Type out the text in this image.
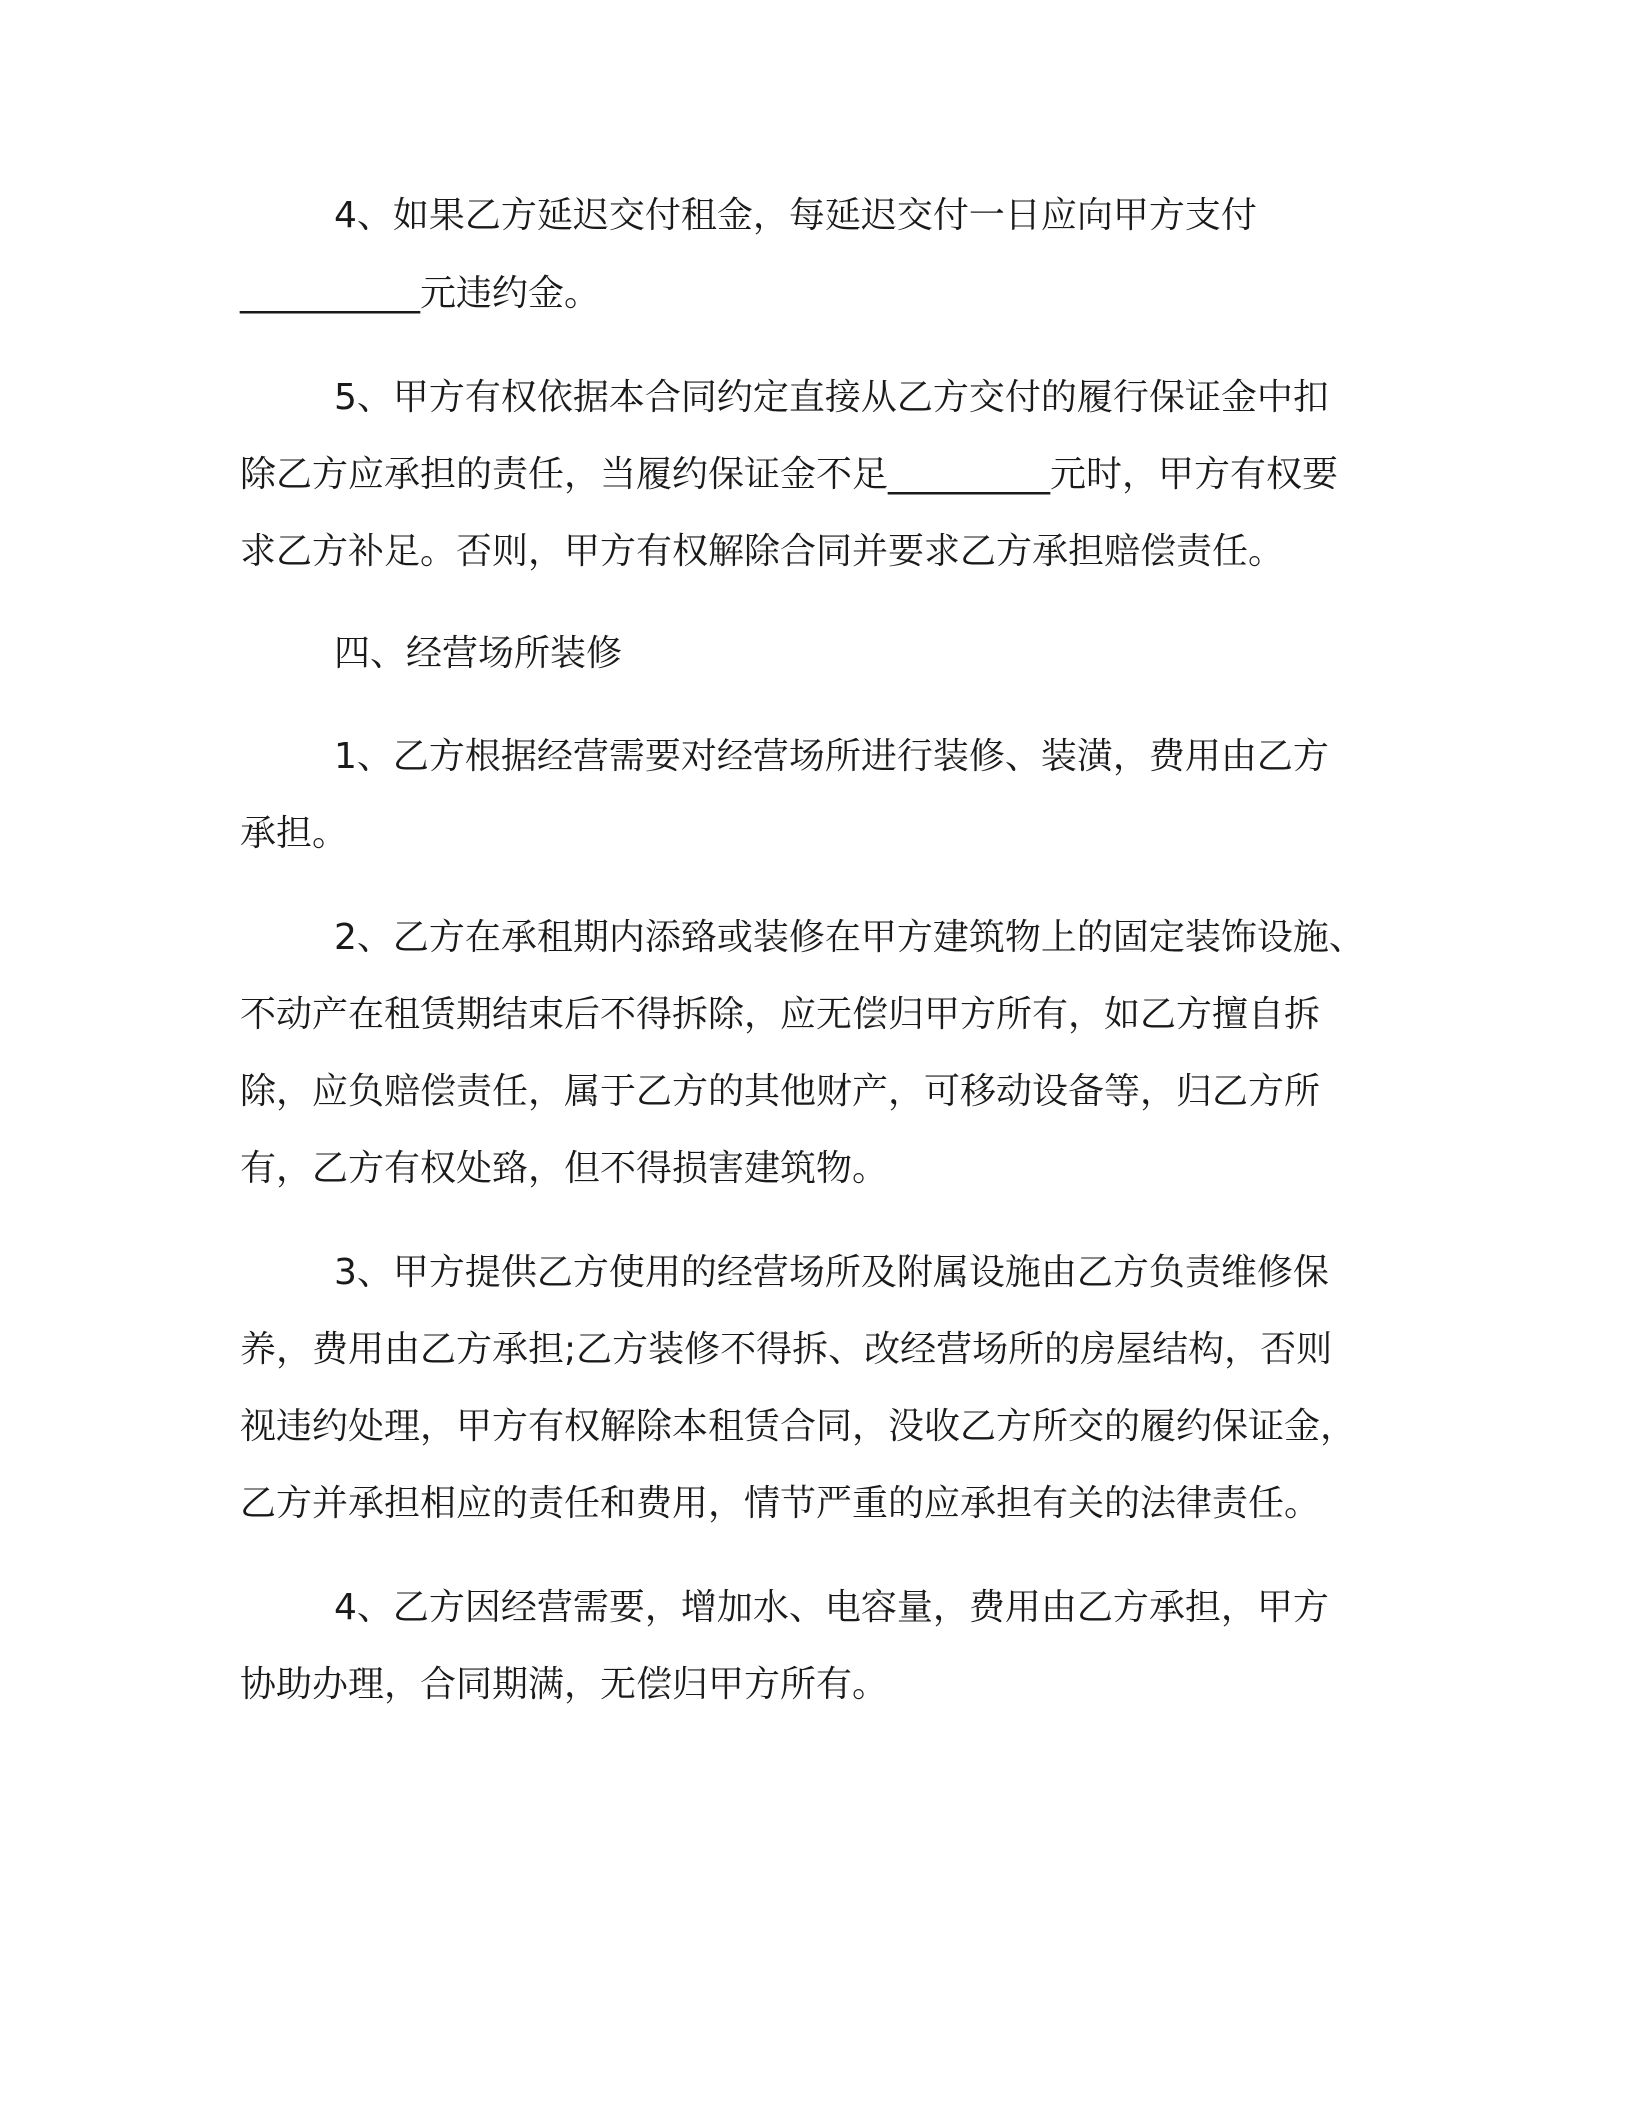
4、如果乙方延迟交付租金，每延迟交付一日应向甲方支付

__________元违约金。

5、甲方有权依据本合同约定直接从乙方交付的履行保证金中扣

除乙方应承担的责任，当履约保证金不足_________元时，甲方有权要

求乙方补足。否则，甲方有权解除合同并要求乙方承担赔偿责任。

四、经营场所装修

1、乙方根据经营需要对经营场所进行装修、装潢，费用由乙方

承担。

2、乙方在承租期内添臵或装修在甲方建筑物上的固定装饰设施、

不动产在租赁期结束后不得拆除，应无偿归甲方所有，如乙方擅自拆

除，应负赔偿责任，属于乙方的其他财产，可移动设备等，归乙方所

有，乙方有权处臵，但不得损害建筑物。

3、甲方提供乙方使用的经营场所及附属设施由乙方负责维修保

养，费用由乙方承担;乙方装修不得拆、改经营场所的房屋结构，否则

视违约处理，甲方有权解除本租赁合同，没收乙方所交的履约保证金，

乙方并承担相应的责任和费用，情节严重的应承担有关的法律责任。

4、乙方因经营需要，增加水、电容量，费用由乙方承担，甲方

协助办理，合同期满，无偿归甲方所有。
